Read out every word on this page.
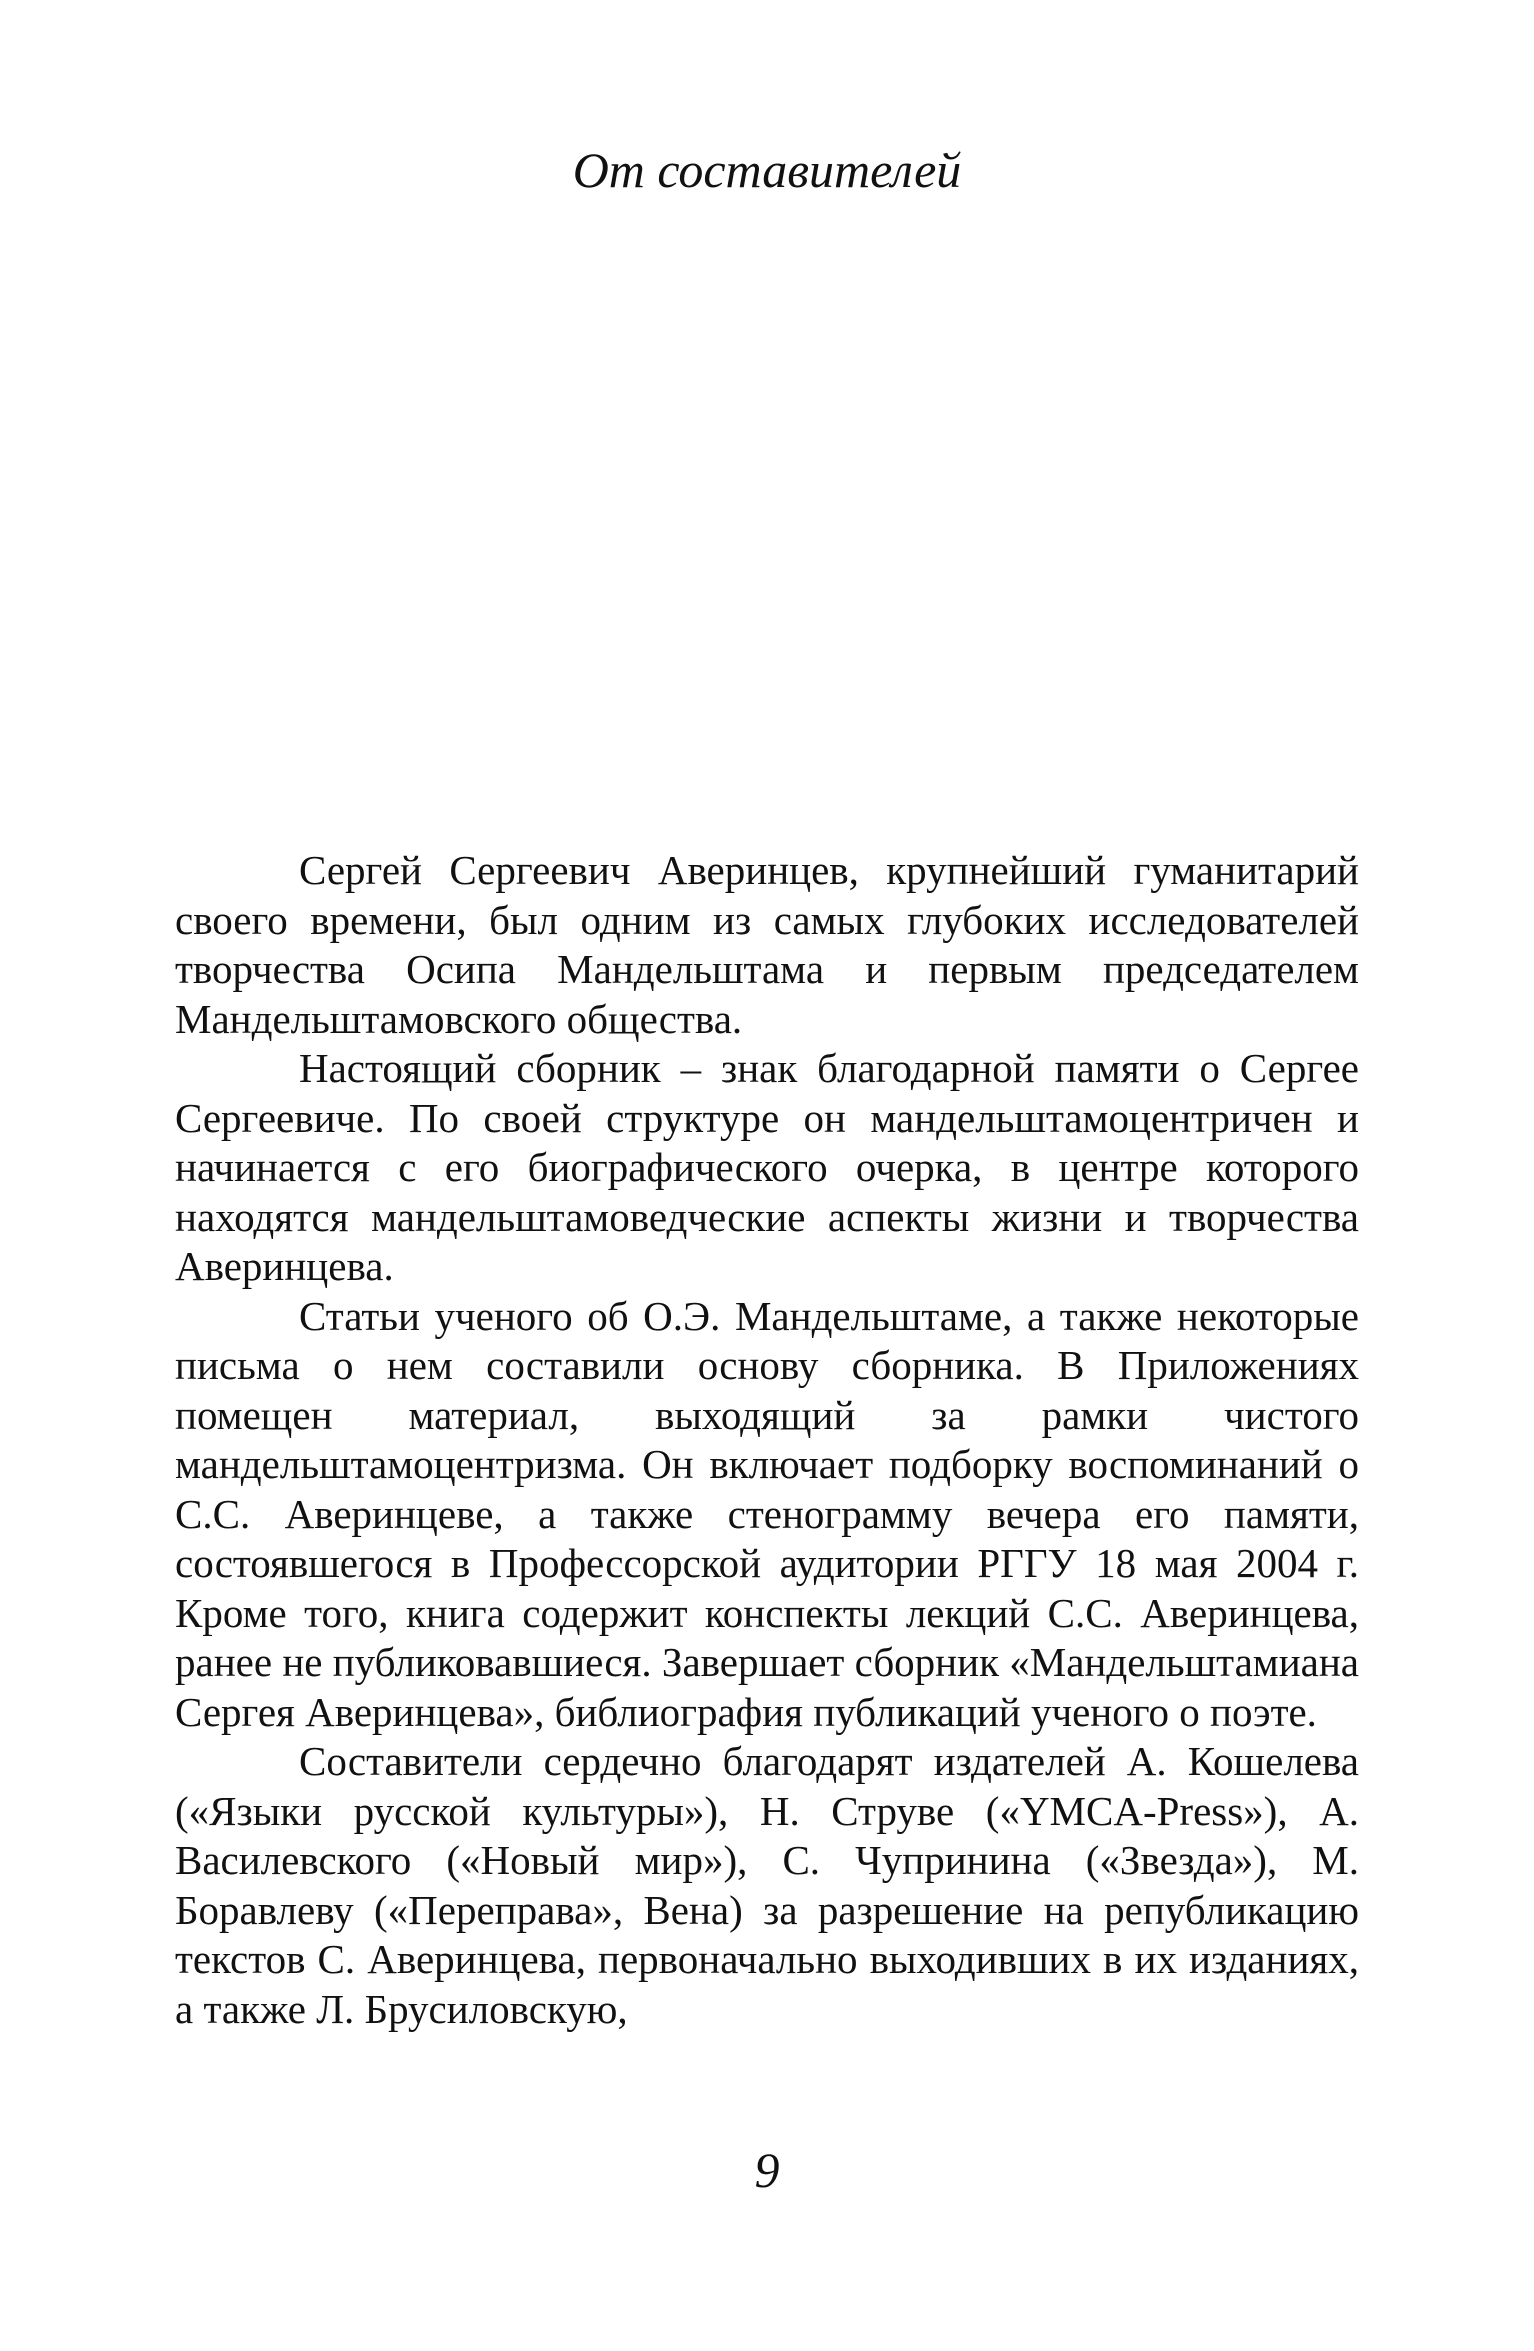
От составителей

Сергей Сергеевич Аверинцев, крупнейший гуманитарий своего времени, был одним из самых глубоких исследователей творчества Осипа Мандельштама и первым председателем Мандельштамовского общества.

Настоящий сборник – знак благодарной памяти о Сергее Сергеевиче. По своей структуре он мандельштамоцентричен и начинается с его биографического очерка, в центре которого находятся мандельштамоведческие аспекты жизни и творчества Аверинцева.

Статьи ученого об О.Э. Мандельштаме, а также некоторые письма о нем составили основу сборника. В Приложениях помещен материал, выходящий за рамки чистого мандельштамоцентризма. Он включает подборку воспоминаний о С.С. Аверинцеве, а также стенограмму вечера его памяти, состоявшегося в Профессорской аудитории РГГУ 18 мая 2004 г. Кроме того, книга содержит конспекты лекций С.С. Аверинцева, ранее не публиковавшиеся. Завершает сборник «Мандельштамиана Сергея Аверинцева», библиография публикаций ученого о поэте.

Составители сердечно благодарят издателей А. Кошелева («Языки русской культуры»), Н. Струве («YMCA-Press»), А. Василевского («Новый мир»), С. Чупринина («Звезда»), М. Боравлеву («Переправа», Вена) за разрешение на републикацию текстов С. Аверинцева, первоначально выходивших в их изданиях, а также Л. Брусиловскую,

9
